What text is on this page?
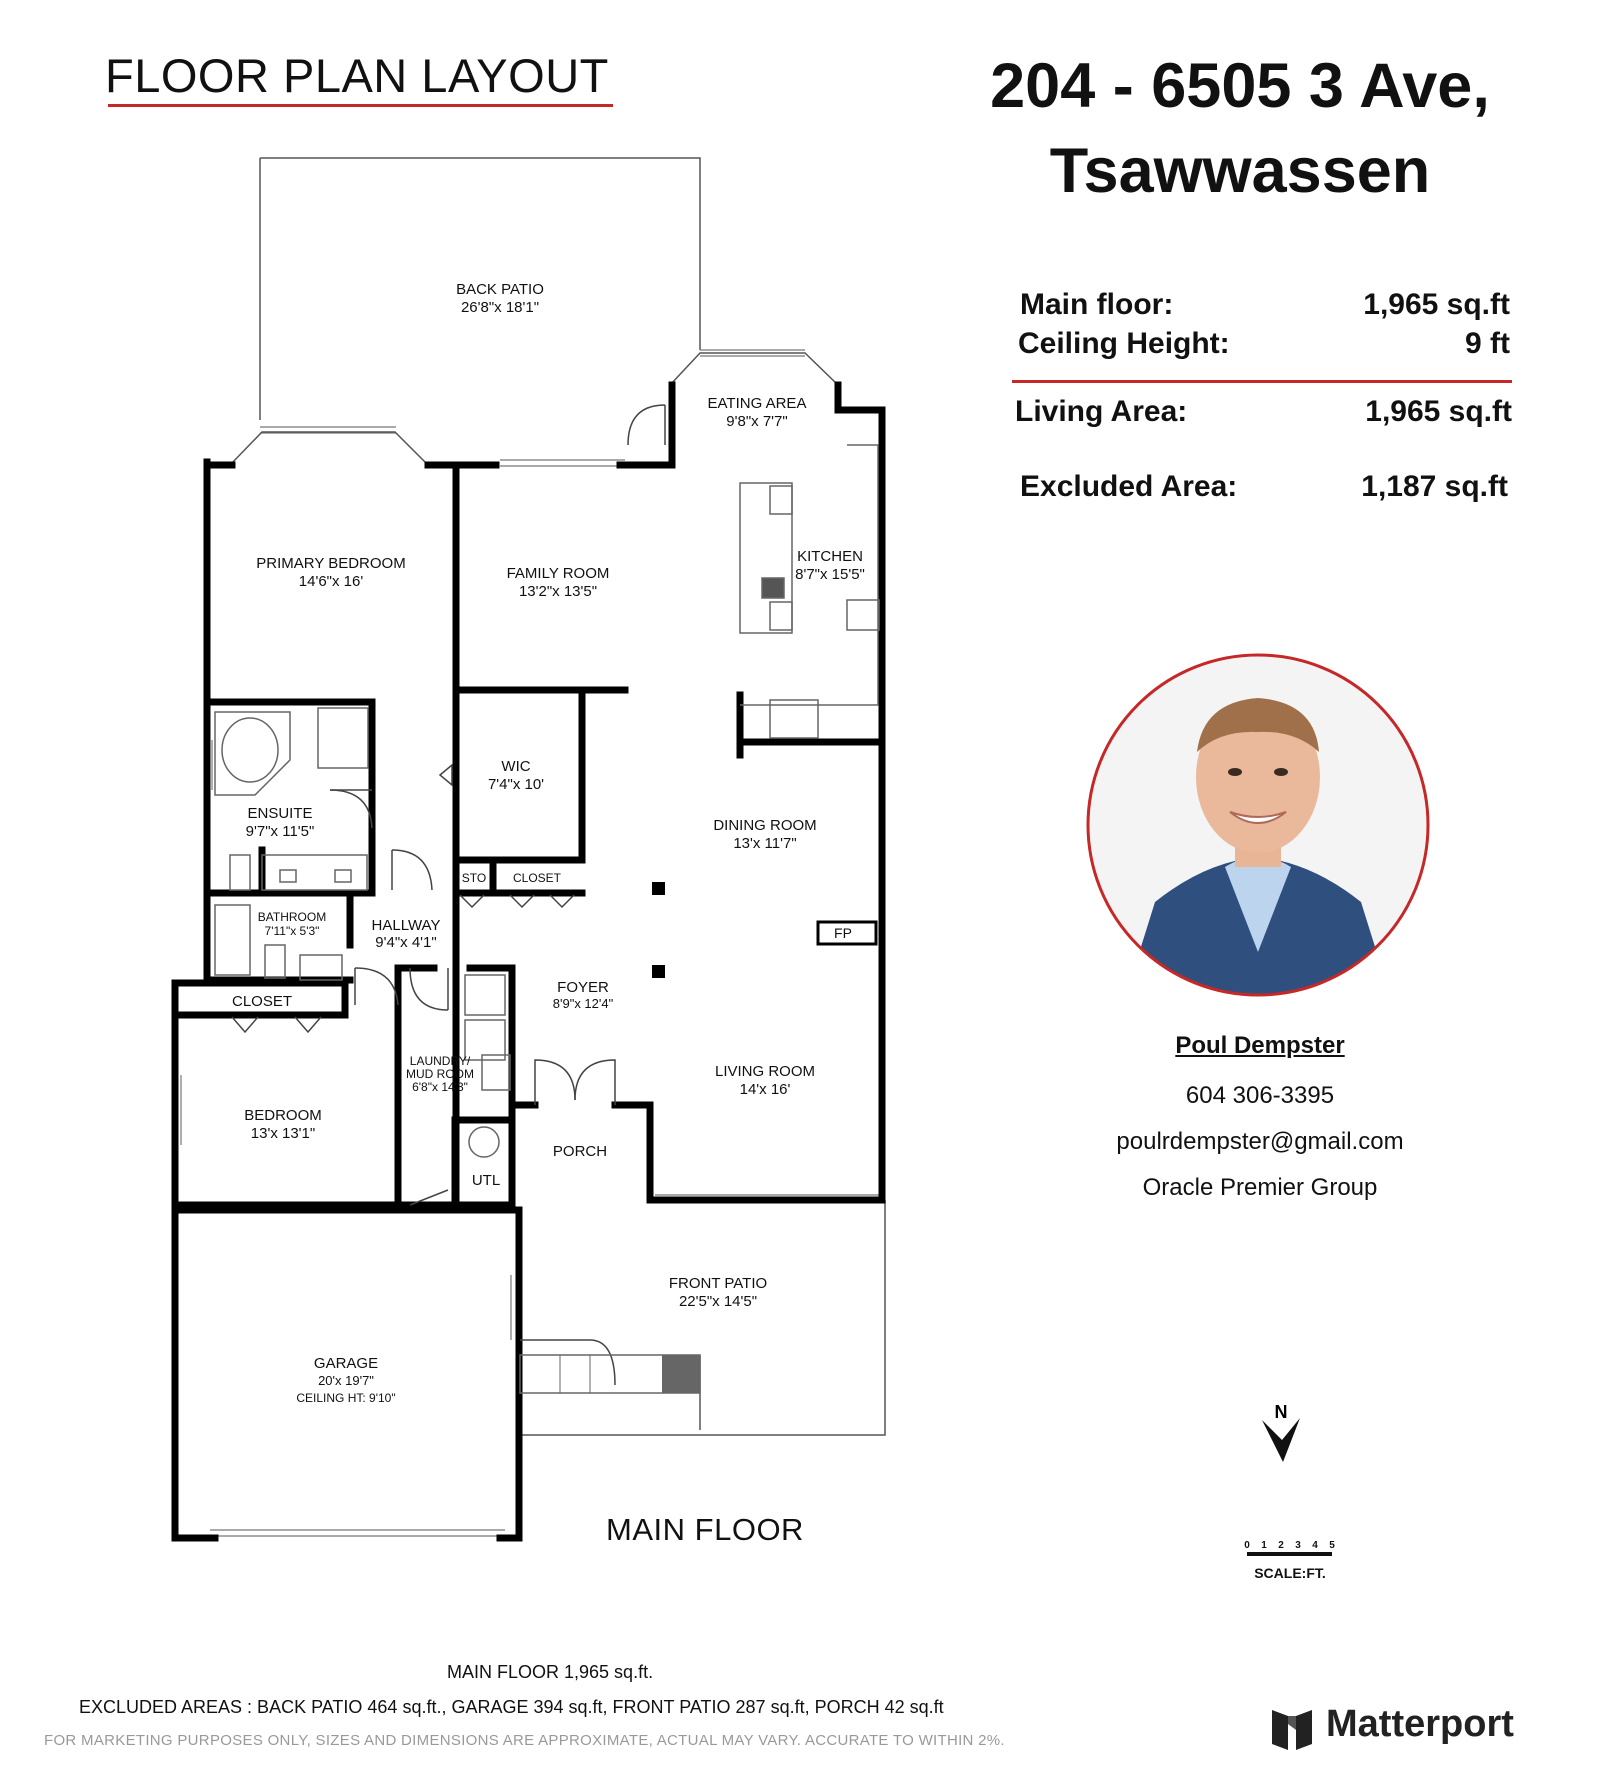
FLOOR PLAN LAYOUT	204 - 6505 3 Ave,
Tsawwassen
Main floor:	1,965 sq.ft
Ceiling Height:	9 ft
Living Area:	1,965 sq.ft
Excluded Area:	1,187 sq.ft
Poul Dempster
604 306-3395
poulrdempster@gmail.com
Oracle Premier Group
BACK PATIO
26'8"x 18'1"
EATING AREA
9'8"x 7'7"
PRIMARY BEDROOM
14'6"x 16'	FAMILY ROOM
13'2"x 13'5"
KITCHEN
8'7"x 15'5"
WIC
7'4"x 10'
ENSUITE
9'7"x 11'5"	DINING ROOM
13'x 11'7"
STO CLOSET
BATHROOM
7'11"x 5'3"	HALLWAY
9'4"x 4'1"
FP
CLOSET
FOYER
8'9"x 12'4"
LAUNDRY/
MUD ROOM
6'8"x 14'3"
LIVING ROOM
14'x 16'
BEDROOM
13'x 13'1"
PORCH
UTL
FRONT PATIO
22'5"x 14'5"
GARAGE
20'x 19'7"
CEILING HT: 9'10"
MAIN FLOOR
N
0 1 2 3 4 5
SCALE:FT.
MAIN FLOOR 1,965 sq.ft.
EXCLUDED AREAS : BACK PATIO 464 sq.ft., GARAGE 394 sq.ft, FRONT PATIO 287 sq.ft, PORCH 42 sq.ft
FOR MARKETING PURPOSES ONLY, SIZES AND DIMENSIONS ARE APPROXIMATE, ACTUAL MAY VARY. ACCURATE TO WITHIN 2%.	Matterport
